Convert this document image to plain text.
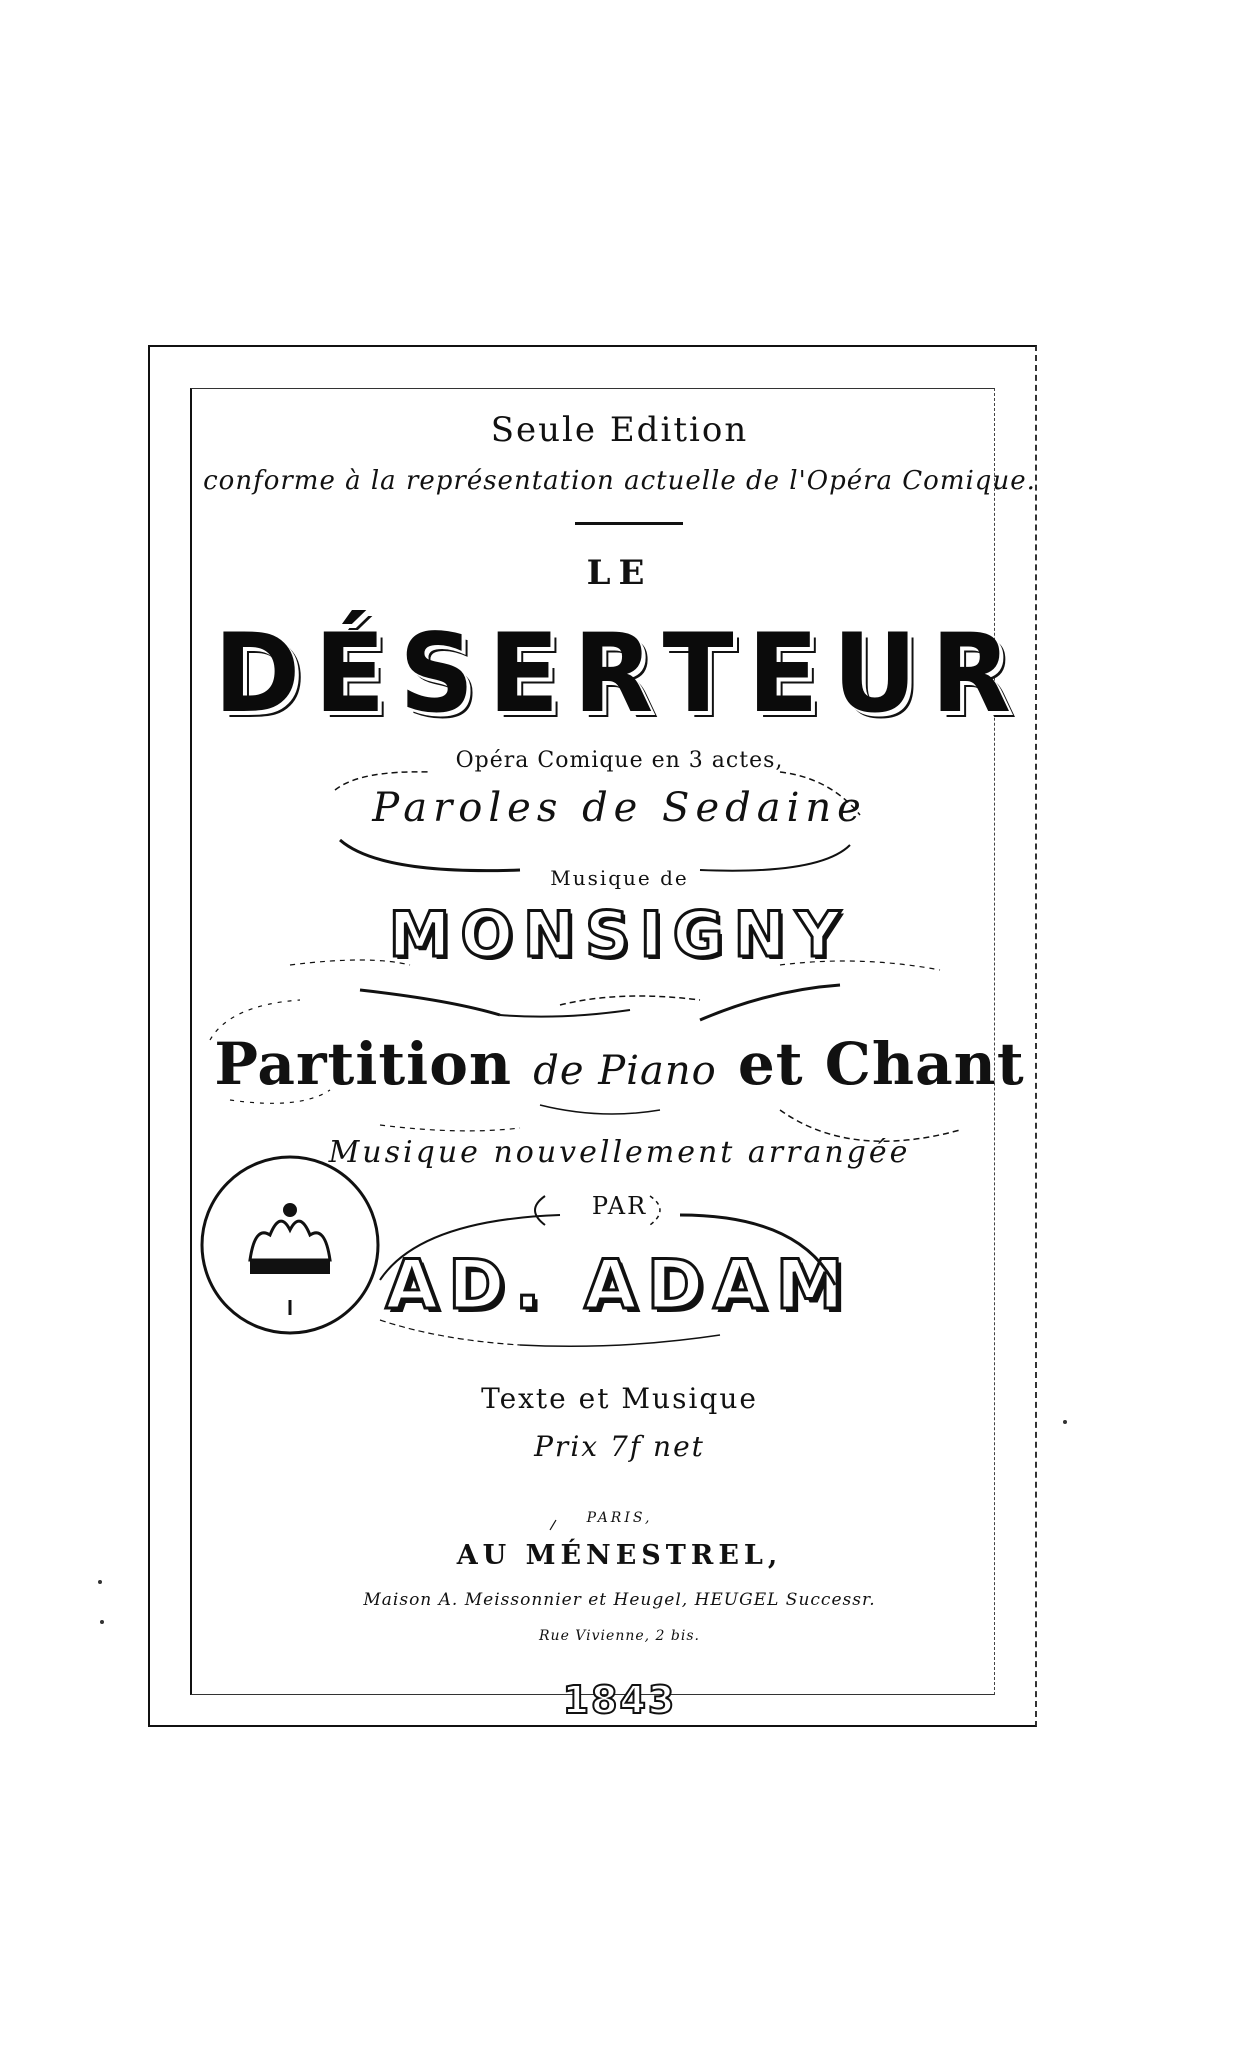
Seule Edition
conforme à la représentation actuelle de l'Opéra Comique.
LE
DÉSERTEUR
Opéra Comique en 3 actes,
Paroles de Sedaine
Musique de
MONSIGNY
Partition de Piano et Chant
Musique nouvellement arrangée
PAR
AD. ADAM
Texte et Musique
Prix 7f net
PARIS,
AU MÉNESTREL,
Maison A. Meissonnier et Heugel, HEUGEL Successr.
Rue Vivienne, 2 bis.
1843
